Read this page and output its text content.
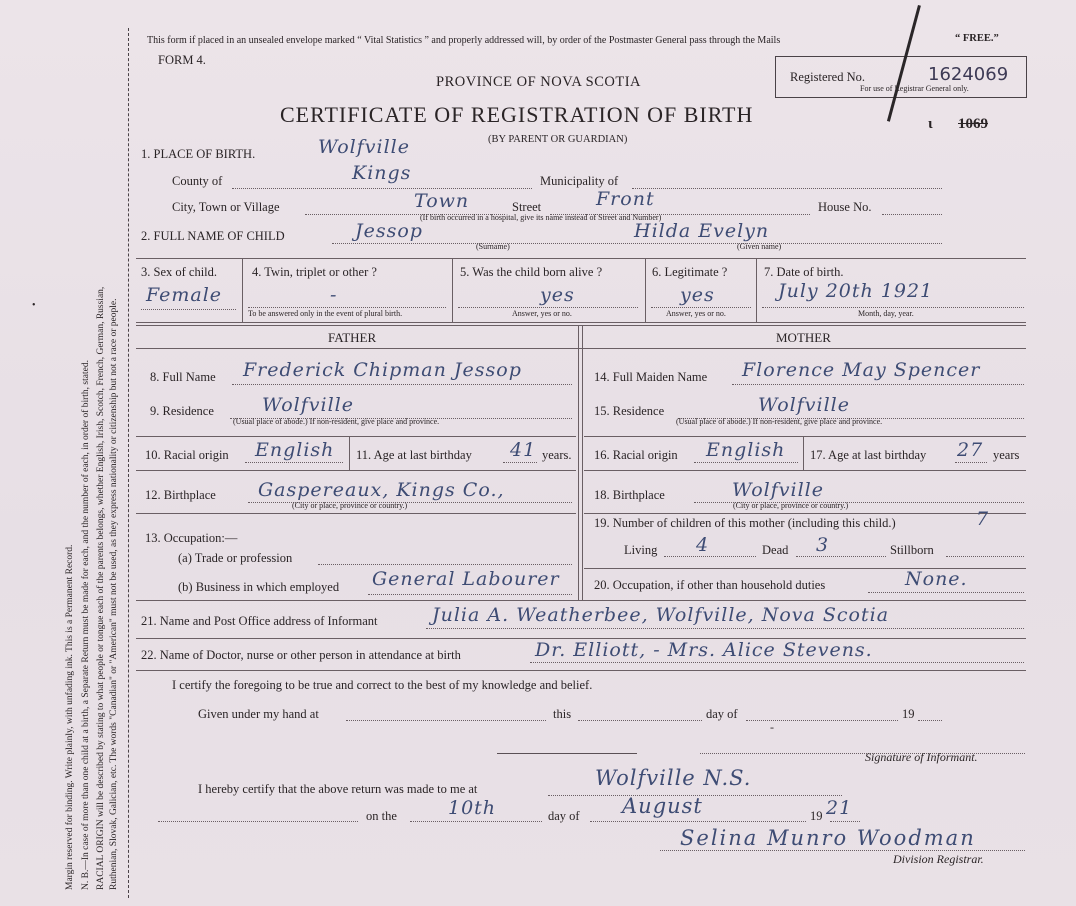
Margin reserved for binding. Write plainly, with unfading ink. This is a Permanent Record. N. B.—In case of more than one child at a birth, a Separate Return must be made for each, and the number of each, in order of birth, stated. RACIAL ORIGIN will be described by stating to what people or tongue each of the parents belongs, whether English, Irish, Scotch, French, German, Russian, Ruthenian, Slovak, Galician, etc. The words "Canadian" or "American" must not be used, as they express nationality or citizenship but not a race or people.
•
This form if placed in an unsealed envelope marked “ Vital Statistics ” and properly addressed will, by order of the Postmaster General pass through the Mails	“ FREE.”
FORM 4.
PROVINCE OF NOVA SCOTIA
CERTIFICATE OF REGISTRATION OF BIRTH
(BY PARENT OR GUARDIAN)
Registered No.	1624069
For use of Registrar General only.
1069
ι
1. PLACE OF BIRTH.	Wolfville
County of	Kings	Municipality of
City, Town or Village	Town	Street	Front	House No.
(If birth occurred in a hospital, give its name instead of Street and Number)
2. FULL NAME OF CHILD	Jessop
(Surname)
Hilda Evelyn
(Given name)
3. Sex of child.
Female
4. Twin, triplet or other ?
-
To be answered only in the event of plural birth.
5. Was the child born alive ?
yes
Answer, yes or no.
6. Legitimate ?
yes
Answer, yes or no.
7. Date of birth.
July 20th 1921
Month, day, year.
FATHER	MOTHER
8. Full Name Frederick Chipman Jessop
9. Residence	Wolfville
(Usual place of abode.) If non-resident, give place and province.
10. Racial origin English 11. Age at last birthday 41 years.
12. Birthplace Gaspereaux, Kings Co.,
(City or place, province or country.)
13. Occupation:—
(a) Trade or profession
(b) Business in which employed General Labourer
14. Full Maiden Name Florence May Spencer
15. Residence	Wolfville
(Usual place of abode.) If non-resident, give place and province.
16. Racial origin English 17. Age at last birthday 27 years
18. Birthplace	Wolfville
(City or place, province or country.)
19. Number of children of this mother (including this child.)	7
Living 4	Dead 3	Stillborn
20. Occupation, if other than household duties	None.
21. Name and Post Office address of Informant	Julia A. Weatherbee, Wolfville, Nova Scotia
22. Name of Doctor, nurse or other person in attendance at birth	Dr. Elliott, - Mrs. Alice Stevens.
I certify the foregoing to be true and correct to the best of my knowledge and belief.
Given under my hand at	this	day of	19
-
Signature of Informant.
I hereby certify that the above return was made to me at	Wolfville N.S.
on the	10th	day of August	19 21
Selina Munro Woodman
Division Registrar.
